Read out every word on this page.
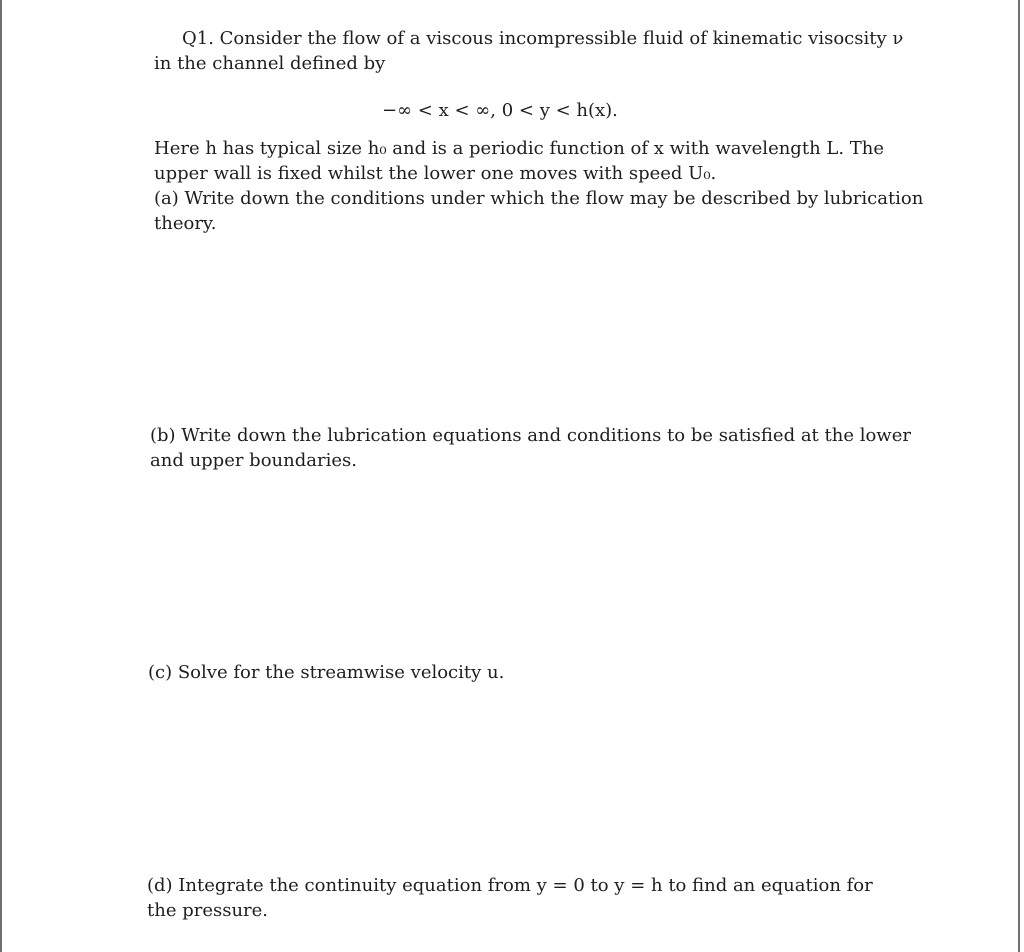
Q1. Consider the flow of a viscous incompressible fluid of kinematic visocsity ν
in the channel defined by
−∞ < x < ∞, 0 < y < h(x).
Here h has typical size h₀ and is a periodic function of x with wavelength L. The
upper wall is fixed whilst the lower one moves with speed U₀.
(a) Write down the conditions under which the flow may be described by lubrication
theory.
(b) Write down the lubrication equations and conditions to be satisfied at the lower
and upper boundaries.
(c) Solve for the streamwise velocity u.
(d) Integrate the continuity equation from y = 0 to y = h to find an equation for
the pressure.
